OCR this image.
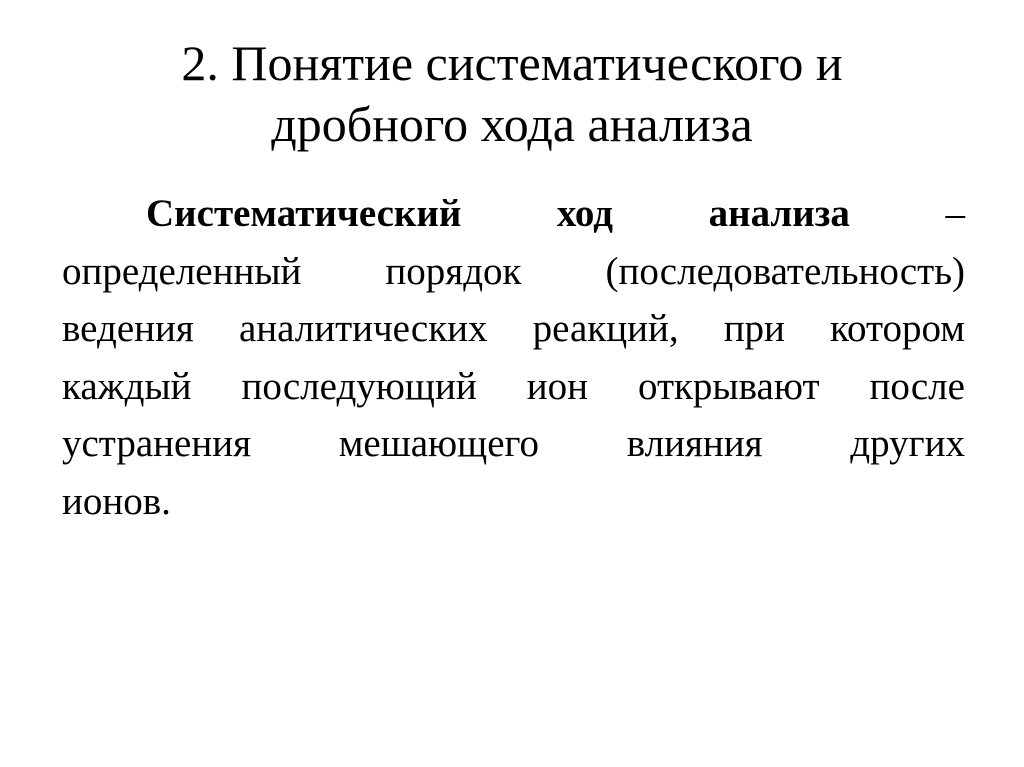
2. Понятие систематического и
дробного хода анализа

Систематический ход анализа –
определенный порядок (последовательность)
ведения аналитических реакций, при котором
каждый последующий ион открывают после
устранения мешающего влияния других
ионов.
